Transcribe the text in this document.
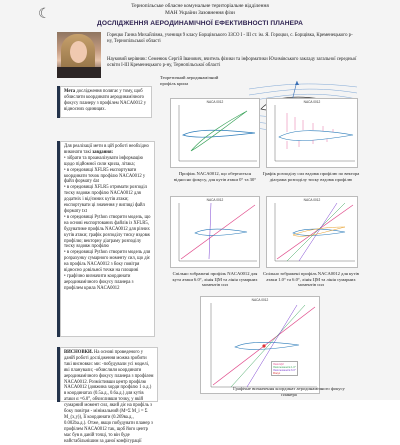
☾
Тернопільське обласне комунальне територіальне відділення
МАН України Зазовнення фізи
ДОСЛІДЖЕННЯ АЕРОДИНАМІЧНОЇ ЕФЕКТИВНОСТІ ПЛАНЕРА
Горецко Ганна Михайлівна, учениця 9 класу Борщівського ЗЗСО І - ІІІ ст. ім. Я. Гороцки, с. Борщівка, Кременецького р-ну, Тернопільської області
Науковий керівник: Семенюк Сергій Іванович, вчитель фізики та інформатики Юхимівського закладу загальної середньої освіти І-ІІІ Кременецького р-ну, Тернопільської області
Мета дослідження полягає у тому, щоб обчислити координати аеродинамічного фокусу планеру з профілем NACA0012 у відносних одиницях.
Для реалізації мети в цій роботі необхідно виконати такі завдання:
• зібрати та проаналізувати інформацію щодо підйомної сили крила, літака;
• в середовищі XFLR5 експортувати координати точок профілю NACA0012 у файл формату dat
• в середовищі XFLR5 отримати розподіл тиску вздовж профілю NACA0012 для додатніх і від'ємних кутів атаки; експортувати ці значення у вигляді файл формату txt
• в середовищі Python створити модель, що на основі експортованих файлів із XFLR5, будуватиме профіль NACA0012 для різних кутів атаки; графік розподілу тиску вздовж профілю; векторну діаграму розподілу тиску вздовж профілю
• в середовищі Python створити модель для розрахунку сумарного моменту сил, що діє на профіль NACA0012 з боку повітря відносно довільної точки на площині
• графічно визначити координати аеродинамічного фокусу планера з профілем крила NACA0012
ВИСНОВКИ. На основі проведеного у даній роботі дослідження можна зробити такі висновки: ми: -побудували усі моделі, які планували; -обчислили координати аеродинамічного фокусу планера з профілем NACA0012. Розмістивши центр профілю NACA0012 (довжина хорди профілю 1 о.д.) в координатах (0.5а.д., 0.6а.д.) для кутів атаки α =6.0°, обчисливши точку, у якій сумарний момент сил, який діє на профіль з боку повітря - мінімальний (M=Σ M_i = Σ M_(x,y)), Її координати (0.269ва.д., 0.002ba.д.). Отже, якщо побудувати планер з профілем NACA0012 так, щоб його центр мас був в даній точці, то він буде найстабільнішим за даної конфігурації
Теоретичний аеродинамічний профіль крила
NACA 0012
Профіль NACA0012, що обертається відносно фокусу, для кутів атаки 0° та 30°
NACA 0012
Графік розподілу сил вздовж профілю по вектора діаграма розподілу тиску вздовж профілю
NACA 0012
Спільно зображені профіль NACA0012 для кута атаки 6.0°, лінія ЦМ та лінія сумарних моментів сил
NACA 0012
Спільно зображені профіль NACA0012 для кутів атаки 1.0° та 6.0°, лінія ЦМ та лінія сумарних моментів сил
NACA 0012
Лінія ЦМ
Лінія моментів 1.0°
Лінія моментів 6.0°
Фокус
Графічне визначення координат аеродинамічного фокусу планера
